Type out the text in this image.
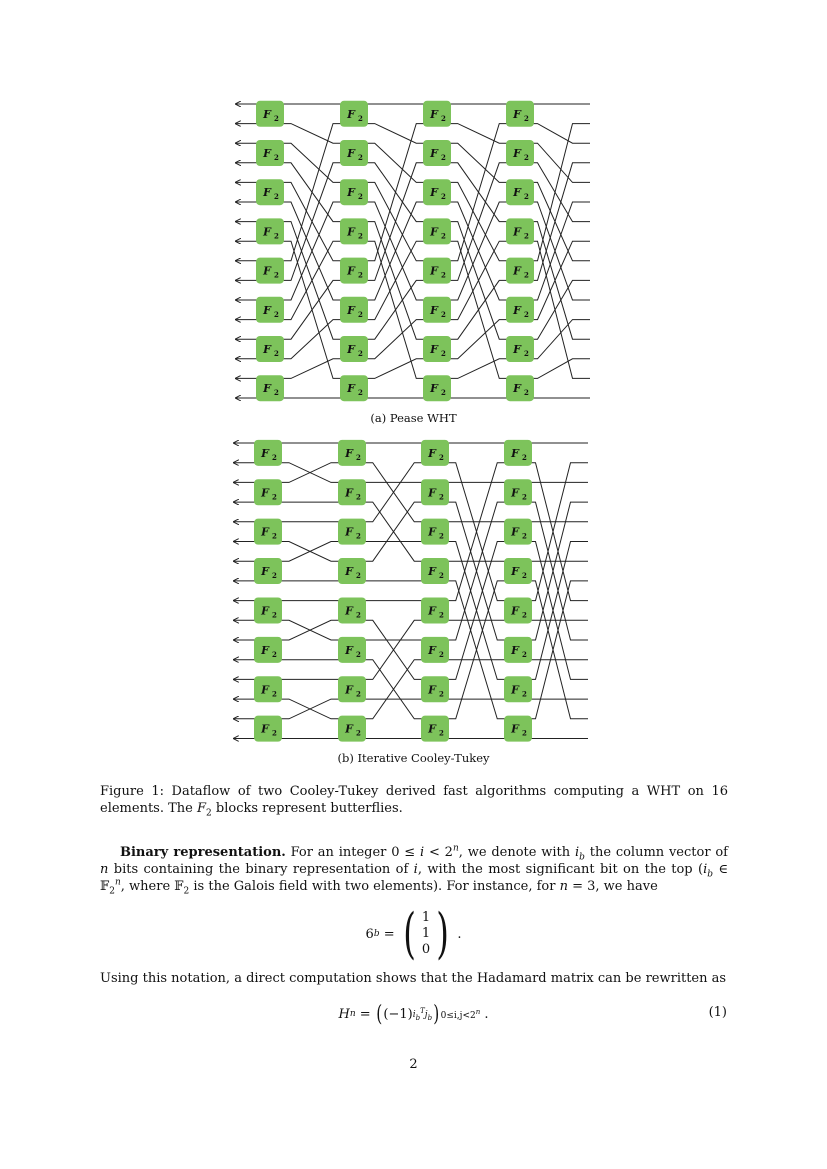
F 2
F 2
F 2
F 2
F 2
F 2
F 2
F 2
F 2
F 2
F 2
F 2
F 2
F 2
F 2
F 2
F 2
F 2
F 2
F 2
F 2
F 2
F 2
F 2
F 2
F 2
F 2
F 2
F 2
F 2
F 2
F 2
(a) Pease WHT
F 2
F 2
F 2
F 2
F 2
F 2
F 2
F 2
F 2
F 2
F 2
F 2
F 2
F 2
F 2
F 2
F 2
F 2
F 2
F 2
F 2
F 2
F 2
F 2
F 2
F 2
F 2
F 2
F 2
F 2
F 2
F 2
(b) Iterative Cooley-Tukey
Figure 1: Dataflow of two Cooley-Tukey derived fast algorithms computing a WHT on 16 elements. The $F_2$ blocks represent butterflies.
Binary representation. For an integer $0 \le i < 2^n$, we denote with $i_b$ the column vector of n bits containing the binary representation of i, with the most significant bit on the top ($i_b$ ∈ 𝔽$_2^n$, where 𝔽$_2$ is the Galois field with two elements). For instance, for n = 3, we have
6 b = ( 1
1
0 ) .
Using this notation, a direct computation shows that the Hadamard matrix can be rewritten as
H n = ( (−1) $i_b^Tj_b$ ) $0\le i,j<2^n$ .	(1)
2
